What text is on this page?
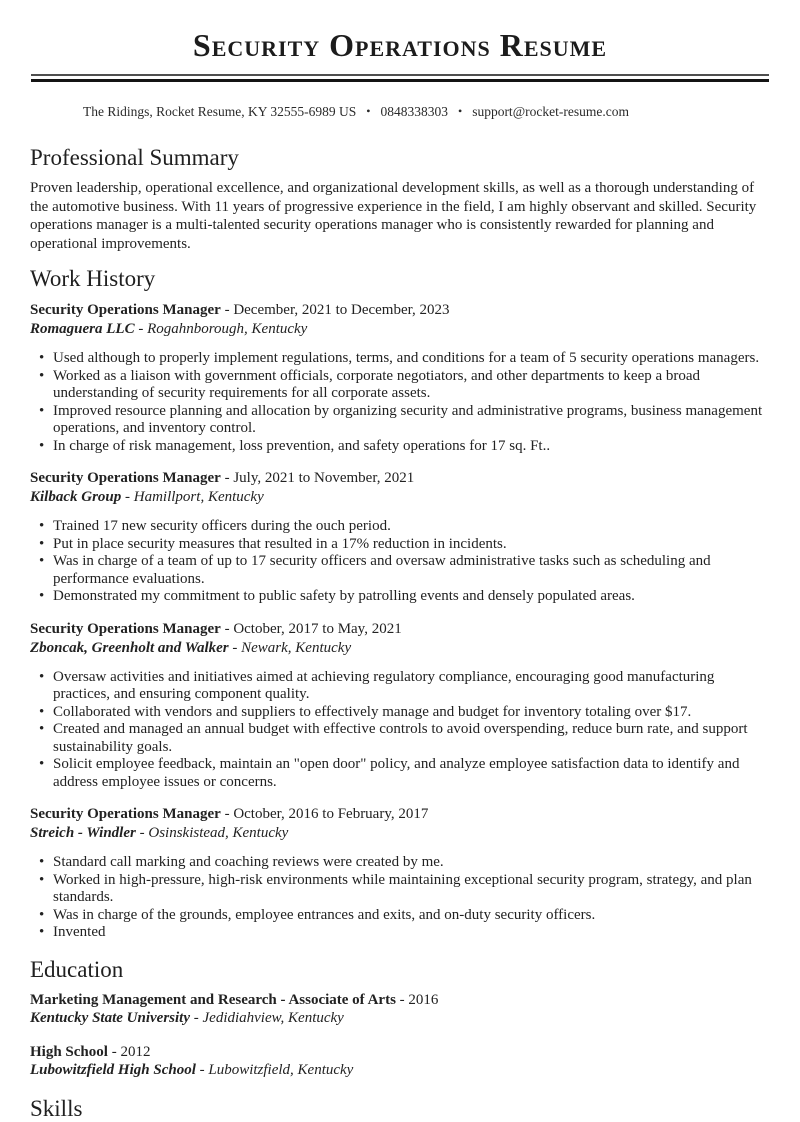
Security Operations Resume
The Ridings, Rocket Resume, KY 32555-6989 US • 0848338303 • support@rocket-resume.com
Professional Summary

Proven leadership, operational excellence, and organizational development skills, as well as a thorough understanding of the automotive business. With 11 years of progressive experience in the field, I am highly observant and skilled. Security operations manager is a multi-talented security operations manager who is consistently rewarded for planning and operational improvements.

Work History

Security Operations Manager - December, 2021 to December, 2023

Romaguera LLC - Rogahnborough, Kentucky

• Used although to properly implement regulations, terms, and conditions for a team of 5 security operations managers.
• Worked as a liaison with government officials, corporate negotiators, and other departments to keep a broad understanding of security requirements for all corporate assets.
• Improved resource planning and allocation by organizing security and administrative programs, business management operations, and inventory control.
• In charge of risk management, loss prevention, and safety operations for 17 sq. Ft..

Security Operations Manager - July, 2021 to November, 2021

Kilback Group - Hamillport, Kentucky

• Trained 17 new security officers during the ouch period.
• Put in place security measures that resulted in a 17% reduction in incidents.
• Was in charge of a team of up to 17 security officers and oversaw administrative tasks such as scheduling and performance evaluations.
• Demonstrated my commitment to public safety by patrolling events and densely populated areas.

Security Operations Manager - October, 2017 to May, 2021

Zboncak, Greenholt and Walker - Newark, Kentucky

• Oversaw activities and initiatives aimed at achieving regulatory compliance, encouraging good manufacturing practices, and ensuring component quality.
• Collaborated with vendors and suppliers to effectively manage and budget for inventory totaling over $17.
• Created and managed an annual budget with effective controls to avoid overspending, reduce burn rate, and support sustainability goals.
• Solicit employee feedback, maintain an "open door" policy, and analyze employee satisfaction data to identify and address employee issues or concerns.

Security Operations Manager - October, 2016 to February, 2017

Streich - Windler - Osinskistead, Kentucky

• Standard call marking and coaching reviews were created by me.
• Worked in high-pressure, high-risk environments while maintaining exceptional security program, strategy, and plan standards.
• Was in charge of the grounds, employee entrances and exits, and on-duty security officers.
• Invented
Education

Marketing Management and Research - Associate of Arts - 2016

Kentucky State University - Jedidiahview, Kentucky

High School - 2012

Lubowitzfield High School - Lubowitzfield, Kentucky

Skills
